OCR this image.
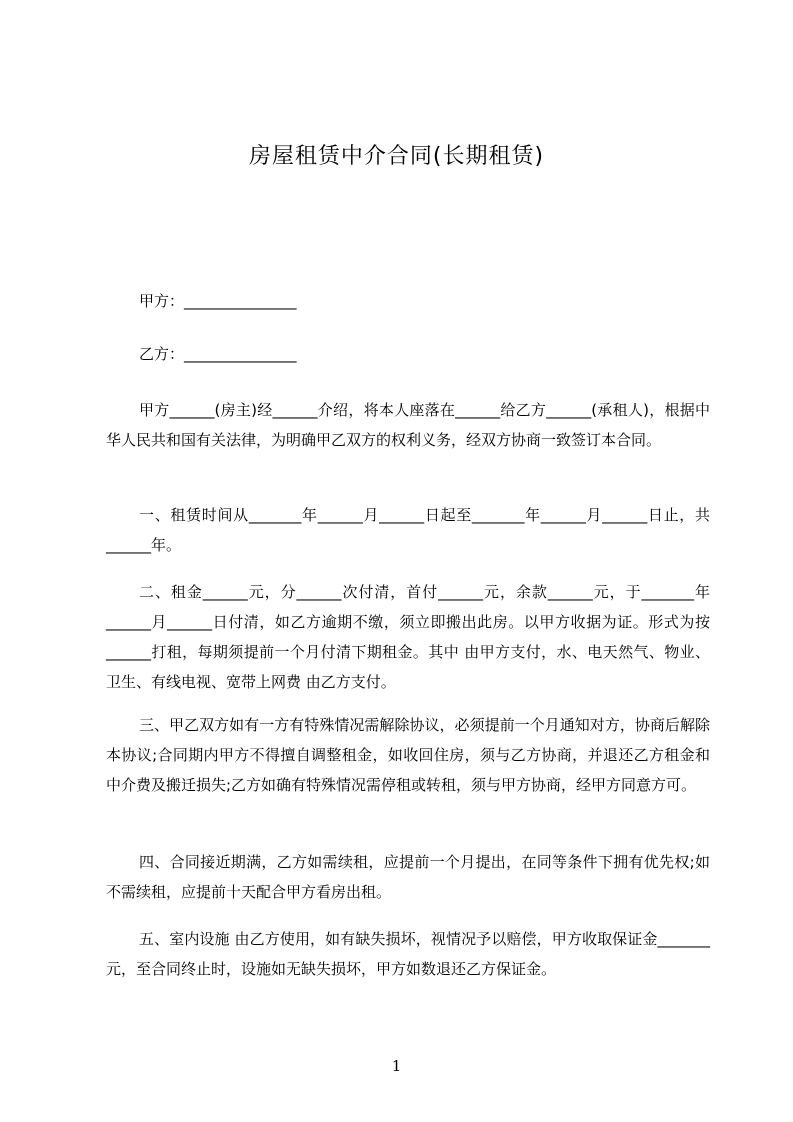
房屋租赁中介合同(长期租赁)
甲方：_______________
乙方：_______________
甲方______(房主)经______介绍，将本人座落在______给乙方______(承租人)，根据中华人民共和国有关法律，为明确甲乙双方的权利义务，经双方协商一致签订本合同。
一、租赁时间从_______年______月______日起至_______年______月______日止，共______年。
二、租金______元，分______次付清，首付______元，余款______元，于_______年______月______日付清，如乙方逾期不缴，须立即搬出此房。以甲方收据为证。形式为按______打租，每期须提前一个月付清下期租金。其中 由甲方支付，水、电天然气、物业、卫生、有线电视、宽带上网费 由乙方支付。
三、甲乙双方如有一方有特殊情况需解除协议，必须提前一个月通知对方，协商后解除本协议;合同期内甲方不得擅自调整租金，如收回住房，须与乙方协商，并退还乙方租金和中介费及搬迁损失;乙方如确有特殊情况需停租或转租，须与甲方协商，经甲方同意方可。
四、合同接近期满，乙方如需续租，应提前一个月提出，在同等条件下拥有优先权;如不需续租，应提前十天配合甲方看房出租。
五、室内设施 由乙方使用，如有缺失损坏，视情况予以赔偿，甲方收取保证金_______元，至合同终止时，设施如无缺失损坏，甲方如数退还乙方保证金。
1
